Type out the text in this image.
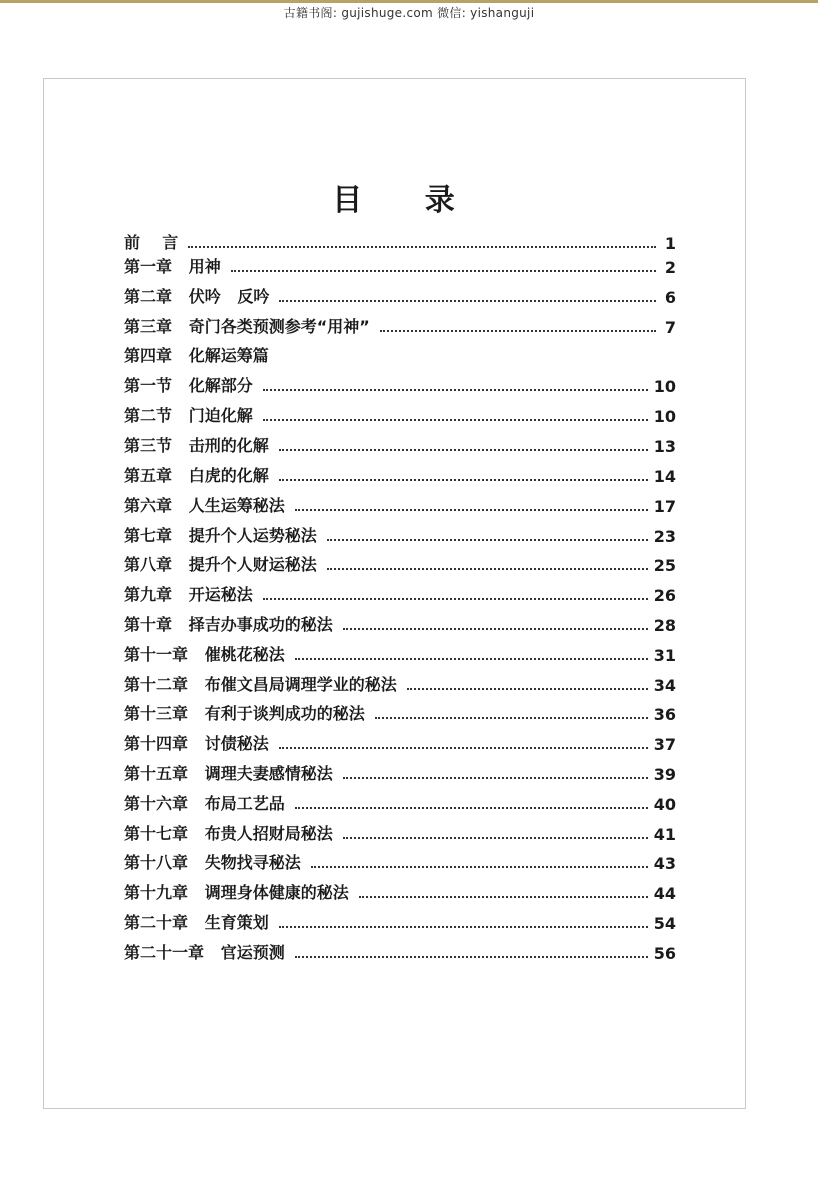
古籍书阁: gujishuge.com 微信: yishanguji
目 录
前    言	1
第一章   用神	2
第二章   伏吟   反吟	6
第三章   奇门各类预测参考“用神”	7
第四章   化解运筹篇
第一节   化解部分	10
第二节   门迫化解	10
第三节   击刑的化解	13
第五章   白虎的化解	14
第六章   人生运筹秘法	17
第七章   提升个人运势秘法	23
第八章   提升个人财运秘法	25
第九章   开运秘法	26
第十章   择吉办事成功的秘法	28
第十一章   催桃花秘法	31
第十二章   布催文昌局调理学业的秘法	34
第十三章   有利于谈判成功的秘法	36
第十四章   讨债秘法	37
第十五章   调理夫妻感情秘法	39
第十六章   布局工艺品	40
第十七章   布贵人招财局秘法	41
第十八章   失物找寻秘法	43
第十九章   调理身体健康的秘法	44
第二十章   生育策划	54
第二十一章   官运预测	56
